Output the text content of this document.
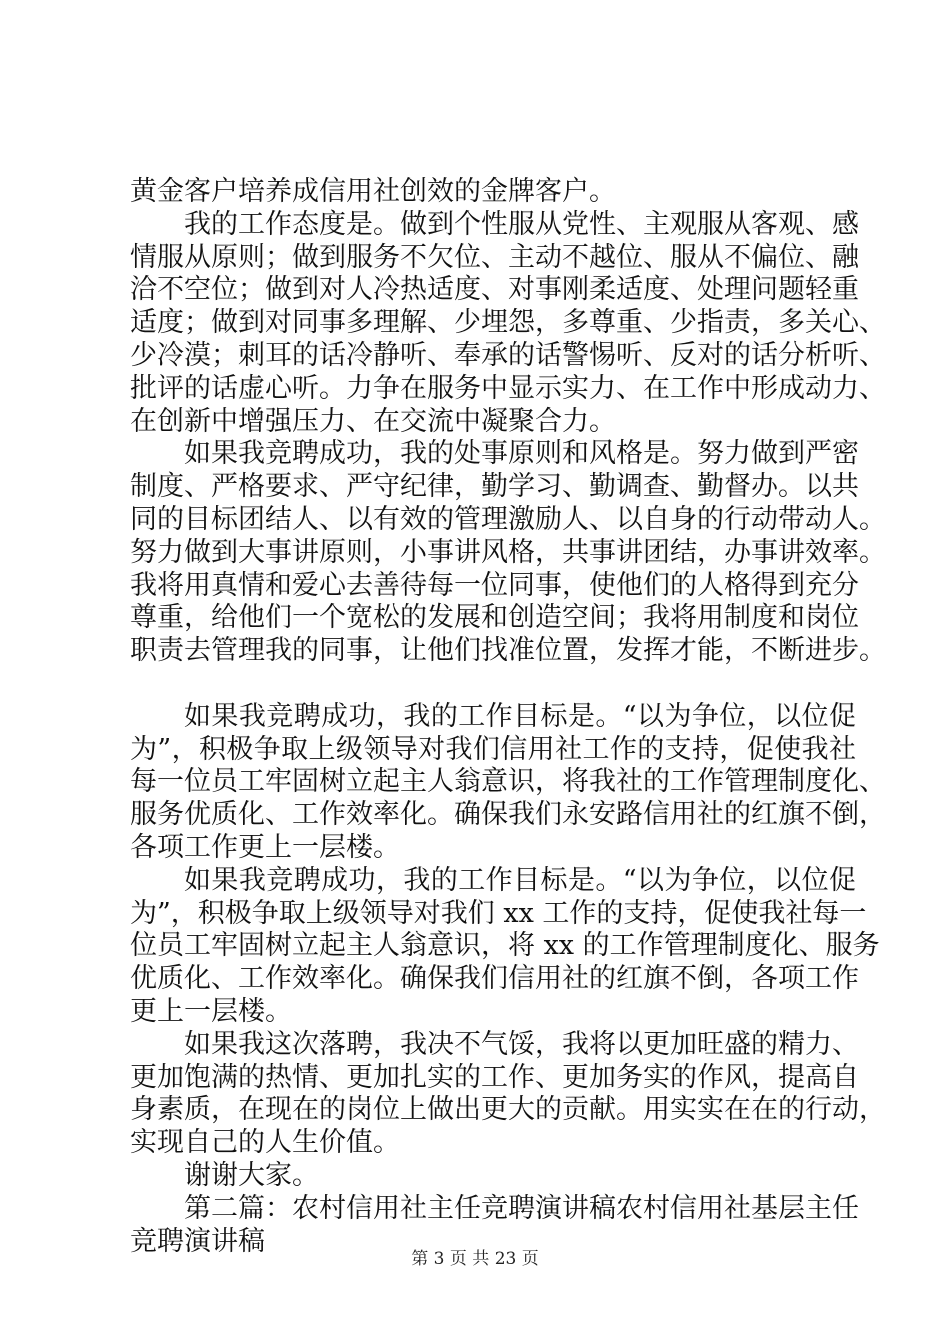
黄金客户培养成信用社创效的金牌客户。
我的工作态度是。做到个性服从党性、主观服从客观、感
情服从原则；做到服务不欠位、主动不越位、服从不偏位、融
洽不空位；做到对人冷热适度、对事刚柔适度、处理问题轻重
适度；做到对同事多理解、少埋怨，多尊重、少指责，多关心、
少冷漠；刺耳的话冷静听、奉承的话警惕听、反对的话分析听、
批评的话虚心听。力争在服务中显示实力、在工作中形成动力、
在创新中增强压力、在交流中凝聚合力。
如果我竞聘成功，我的处事原则和风格是。努力做到严密
制度、严格要求、严守纪律，勤学习、勤调查、勤督办。以共
同的目标团结人、以有效的管理激励人、以自身的行动带动人。
努力做到大事讲原则，小事讲风格，共事讲团结，办事讲效率。
我将用真情和爱心去善待每一位同事，使他们的人格得到充分
尊重，给他们一个宽松的发展和创造空间；我将用制度和岗位
职责去管理我的同事，让他们找准位置，发挥才能，不断进步。
如果我竞聘成功，我的工作目标是。“以为争位，以位促
为”，积极争取上级领导对我们信用社工作的支持，促使我社
每一位员工牢固树立起主人翁意识，将我社的工作管理制度化、
服务优质化、工作效率化。确保我们永安路信用社的红旗不倒，
各项工作更上一层楼。
如果我竞聘成功，我的工作目标是。“以为争位，以位促
为”，积极争取上级领导对我们 xx 工作的支持，促使我社每一
位员工牢固树立起主人翁意识，将 xx 的工作管理制度化、服务
优质化、工作效率化。确保我们信用社的红旗不倒，各项工作
更上一层楼。
如果我这次落聘，我决不气馁，我将以更加旺盛的精力、
更加饱满的热情、更加扎实的工作、更加务实的作风，提高自
身素质，在现在的岗位上做出更大的贡献。用实实在在的行动，
实现自己的人生价值。
谢谢大家。
第二篇：农村信用社主任竞聘演讲稿农村信用社基层主任
竞聘演讲稿
第 3 页 共 23 页
